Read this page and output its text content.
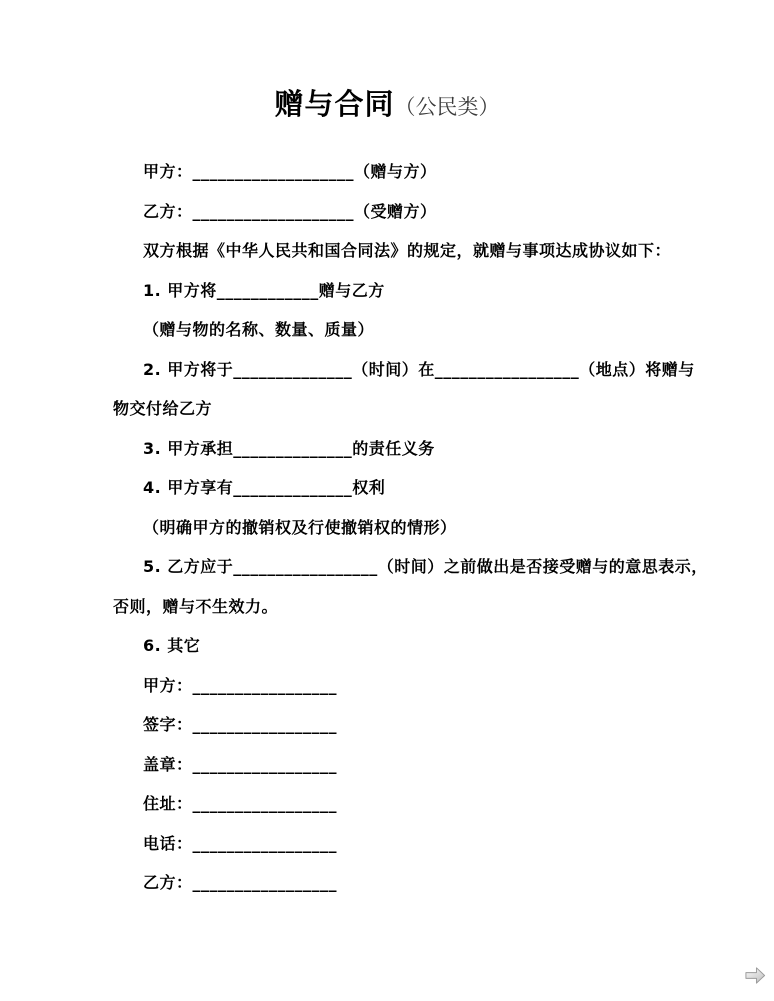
赠与合同（公民类）

甲方：___________________（赠与方）

乙方：___________________（受赠方）

双方根据《中华人民共和国合同法》的规定，就赠与事项达成协议如下：

1. 甲方将____________赠与乙方

（赠与物的名称、数量、质量）

2. 甲方将于______________（时间）在_________________（地点）将赠与

物交付给乙方

3. 甲方承担______________的责任义务

4. 甲方享有______________权利

（明确甲方的撤销权及行使撤销权的情形）

5. 乙方应于_________________（时间）之前做出是否接受赠与的意思表示，

否则，赠与不生效力。

6. 其它

甲方：_________________

签字：_________________

盖章：_________________

住址：_________________

电话：_________________

乙方：_________________
